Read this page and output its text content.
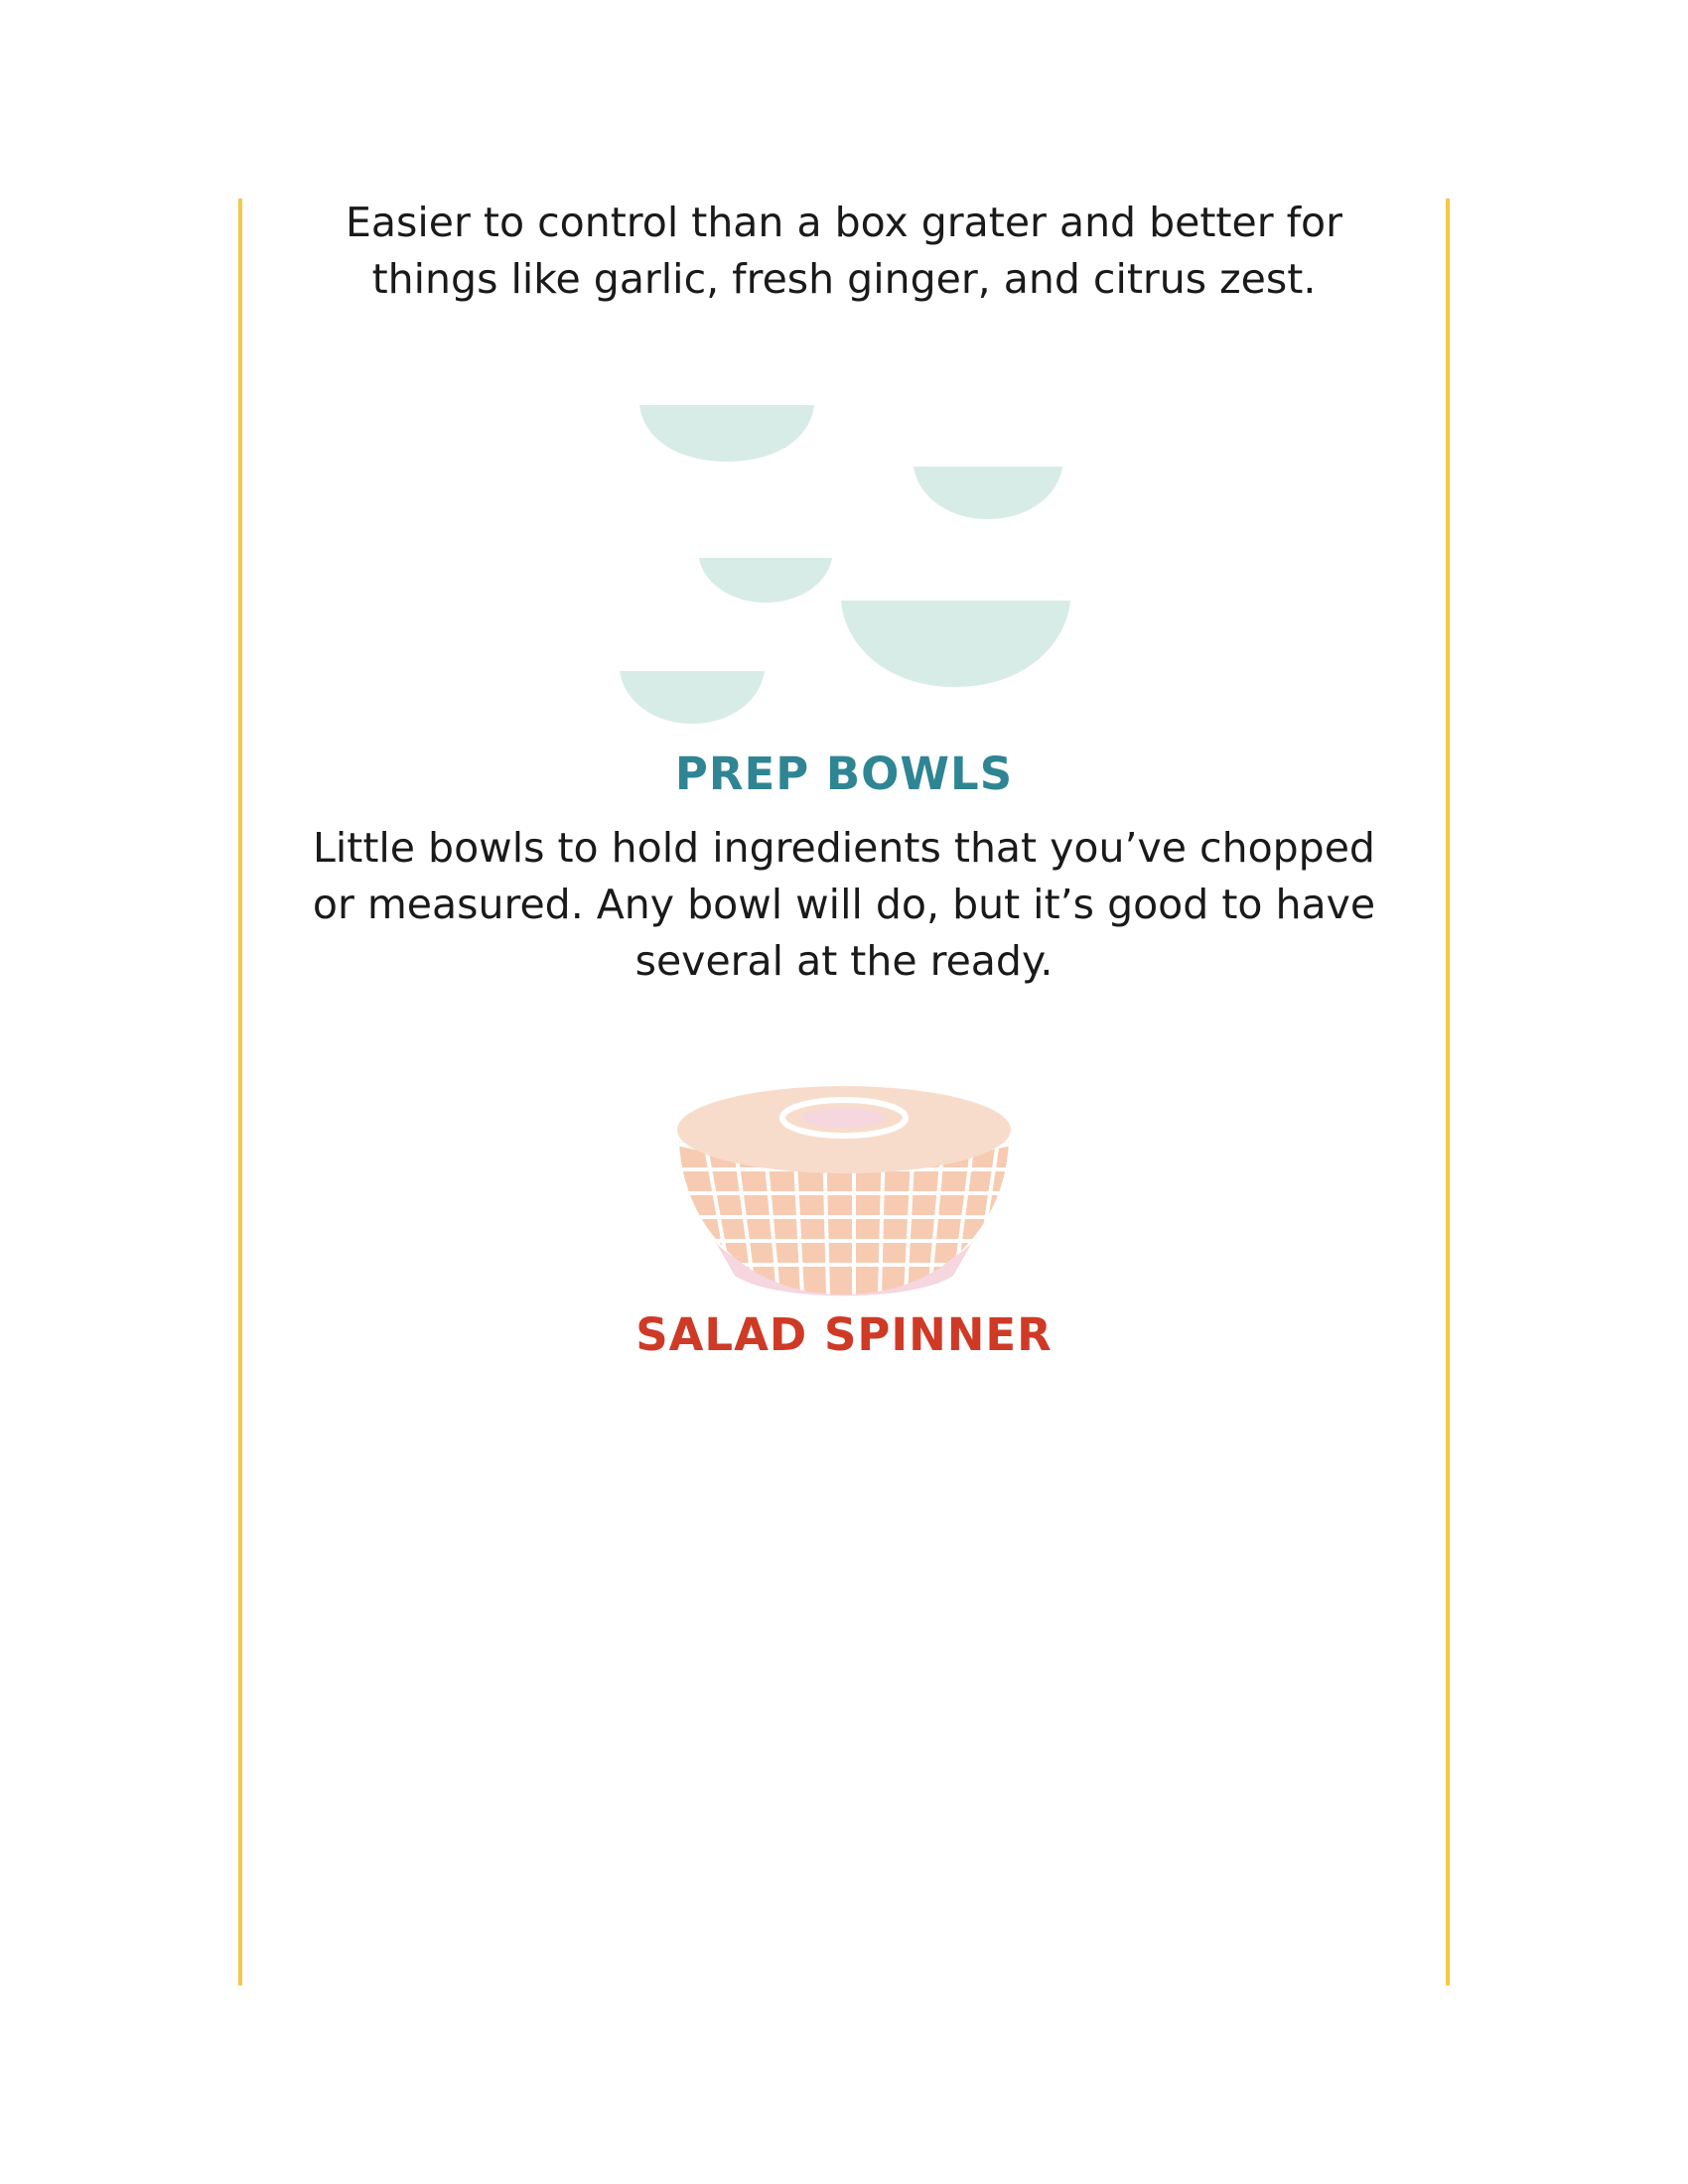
Easier to control than a box grater and better for things like garlic, fresh ginger, and citrus zest.

PREP BOWLS

Little bowls to hold ingredients that you’ve chopped or measured. Any bowl will do, but it’s good to have several at the ready.

SALAD SPINNER
